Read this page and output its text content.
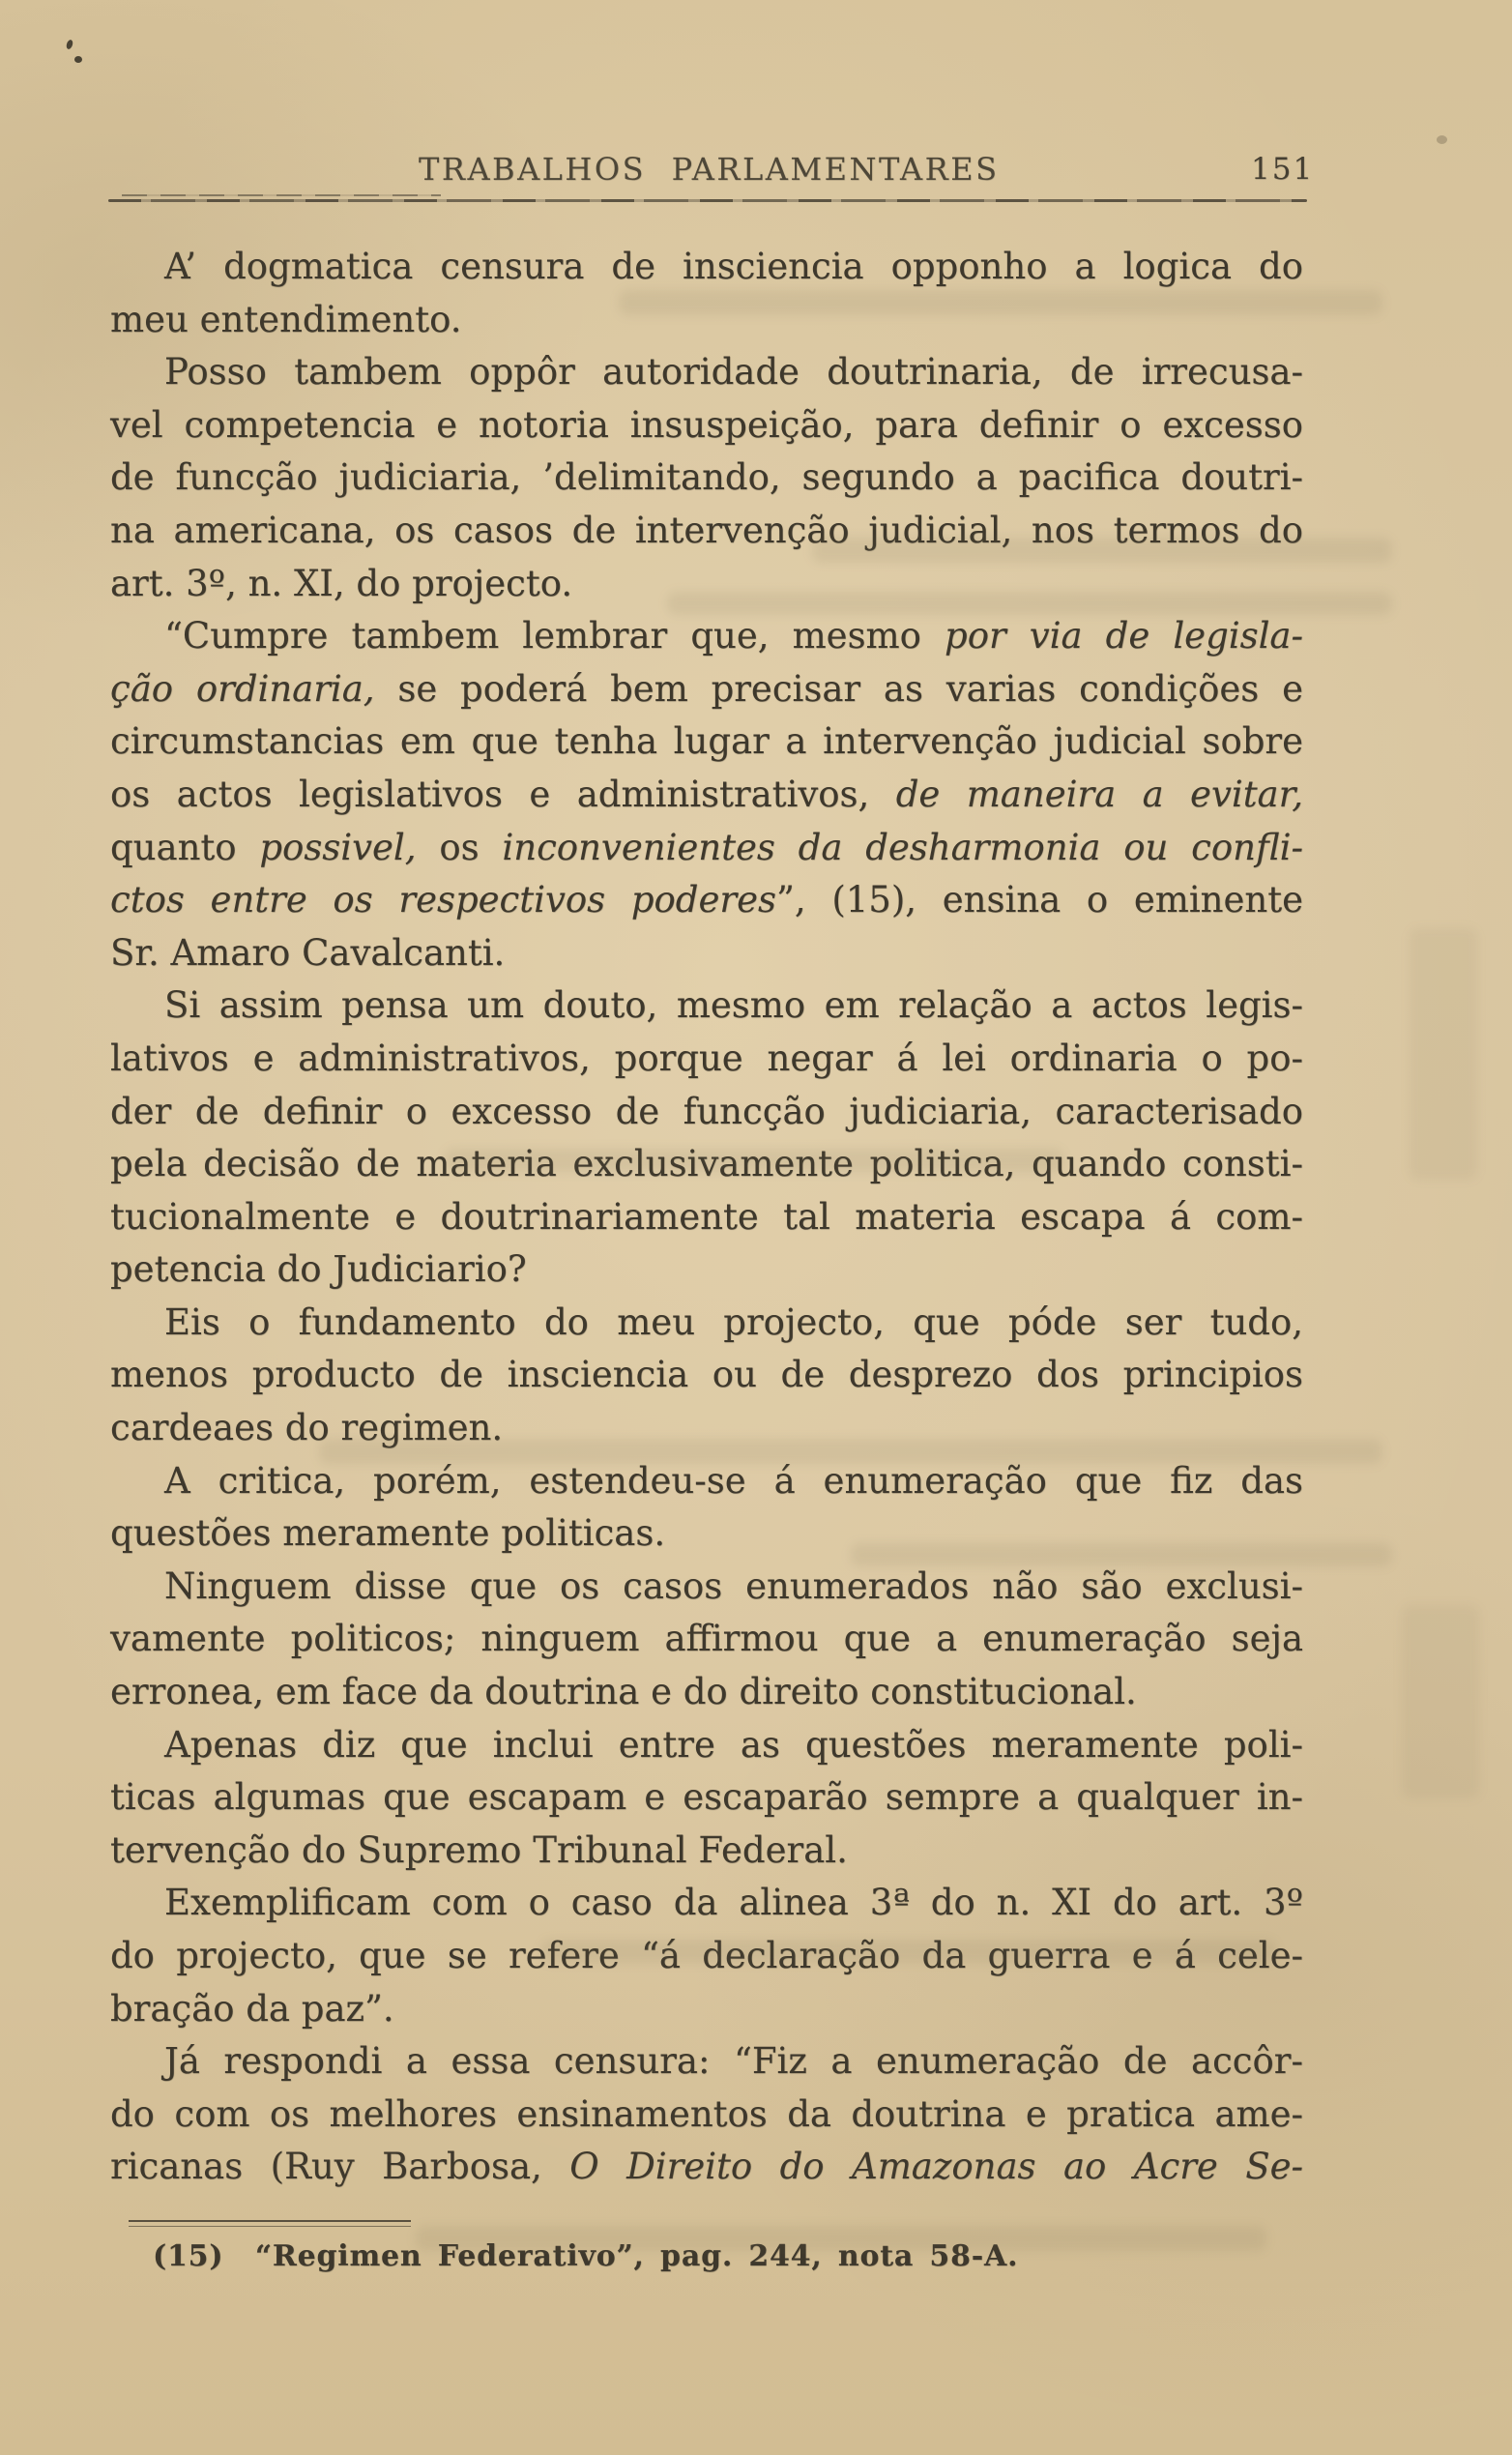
TRABALHOS PARLAMENTARES	151
A’ dogmatica censura de insciencia opponho a logica do
meu entendimento.
Posso tambem oppôr autoridade doutrinaria, de irrecusa-
vel competencia e notoria insuspeição, para definir o excesso
de funcção judiciaria, ’delimitando, segundo a pacifica doutri-
na americana, os casos de intervenção judicial, nos termos do
art. 3º, n. XI, do projecto.
“Cumpre tambem lembrar que, mesmo por via de legisla-
ção ordinaria, se poderá bem precisar as varias condições e
circumstancias em que tenha lugar a intervenção judicial sobre
os actos legislativos e administrativos, de maneira a evitar,
quanto possivel, os inconvenientes da desharmonia ou confli-
ctos entre os respectivos poderes”, (15), ensina o eminente
Sr. Amaro Cavalcanti.
Si assim pensa um douto, mesmo em relação a actos legis-
lativos e administrativos, porque negar á lei ordinaria o po-
der de definir o excesso de funcção judiciaria, caracterisado
pela decisão de materia exclusivamente politica, quando consti-
tucionalmente e doutrinariamente tal materia escapa á com-
petencia do Judiciario?
Eis o fundamento do meu projecto, que póde ser tudo,
menos producto de insciencia ou de desprezo dos principios
cardeaes do regimen.
A critica, porém, estendeu-se á enumeração que fiz das
questões meramente politicas.
Ninguem disse que os casos enumerados não são exclusi-
vamente politicos; ninguem affirmou que a enumeração seja
erronea, em face da doutrina e do direito constitucional.
Apenas diz que inclui entre as questões meramente poli-
ticas algumas que escapam e escaparão sempre a qualquer in-
tervenção do Supremo Tribunal Federal.
Exemplificam com o caso da alinea 3ª do n. XI do art. 3º
do projecto, que se refere “á declaração da guerra e á cele-
bração da paz”.
Já respondi a essa censura: “Fiz a enumeração de accôr-
do com os melhores ensinamentos da doutrina e pratica ame-
ricanas (Ruy Barbosa, O Direito do Amazonas ao Acre Se-
(15)  “Regimen Federativo”, pag. 244, nota 58-A.
